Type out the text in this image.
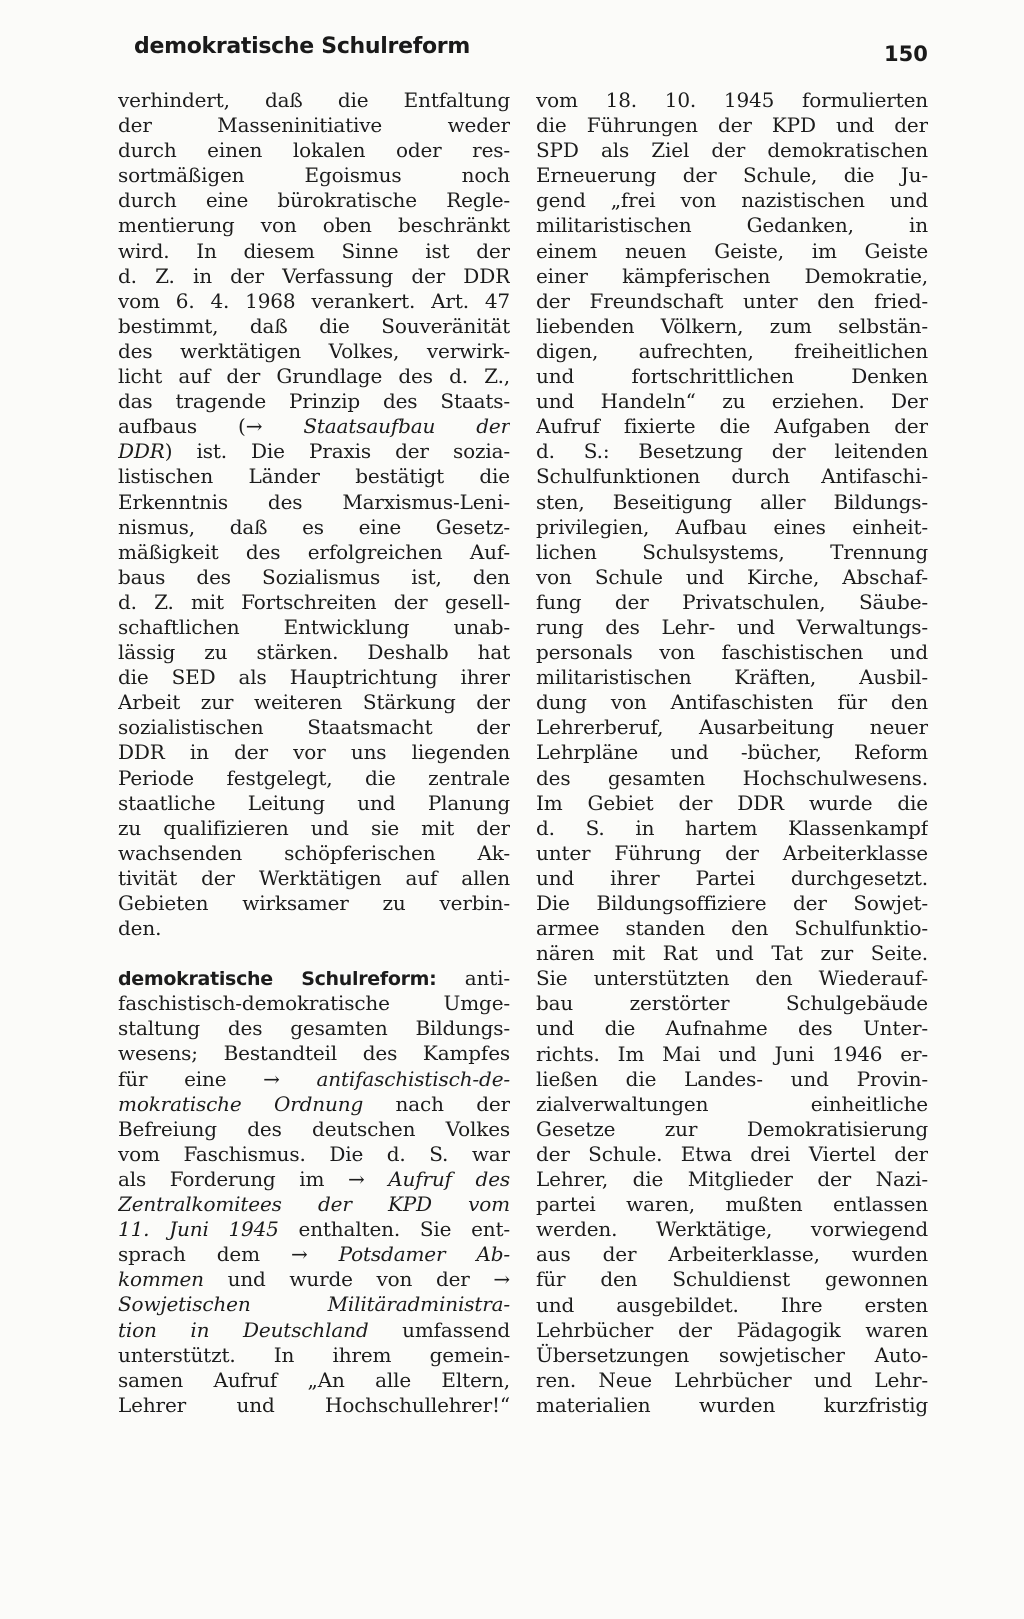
demokratische Schulreform	150
verhindert, daß die Entfaltung
der Masseninitiative weder
durch einen lokalen oder res-
sortmäßigen Egoismus noch
durch eine bürokratische Regle-
mentierung von oben beschränkt
wird. In diesem Sinne ist der
d. Z. in der Verfassung der DDR
vom 6. 4. 1968 verankert. Art. 47
bestimmt, daß die Souveränität
des werktätigen Volkes, verwirk-
licht auf der Grundlage des d. Z.,
das tragende Prinzip des Staats-
aufbaus (→ Staatsaufbau der
DDR) ist. Die Praxis der sozia-
listischen Länder bestätigt die
Erkenntnis des Marxismus-Leni-
nismus, daß es eine Gesetz-
mäßigkeit des erfolgreichen Auf-
baus des Sozialismus ist, den
d. Z. mit Fortschreiten der gesell-
schaftlichen Entwicklung unab-
lässig zu stärken. Deshalb hat
die SED als Hauptrichtung ihrer
Arbeit zur weiteren Stärkung der
sozialistischen Staatsmacht der
DDR in der vor uns liegenden
Periode festgelegt, die zentrale
staatliche Leitung und Planung
zu qualifizieren und sie mit der
wachsenden schöpferischen Ak-
tivität der Werktätigen auf allen
Gebieten wirksamer zu verbin-
den.
demokratische Schulreform: anti-
faschistisch-demokratische Umge-
staltung des gesamten Bildungs-
wesens; Bestandteil des Kampfes
für eine → antifaschistisch-de-
mokratische Ordnung nach der
Befreiung des deutschen Volkes
vom Faschismus. Die d. S. war
als Forderung im → Aufruf des
Zentralkomitees der KPD vom
11. Juni 1945 enthalten. Sie ent-
sprach dem → Potsdamer Ab-
kommen und wurde von der →
Sowjetischen Militäradministra-
tion in Deutschland umfassend
unterstützt. In ihrem gemein-
samen Aufruf „An alle Eltern,
Lehrer und Hochschullehrer!“
vom 18. 10. 1945 formulierten
die Führungen der KPD und der
SPD als Ziel der demokratischen
Erneuerung der Schule, die Ju-
gend „frei von nazistischen und
militaristischen Gedanken, in
einem neuen Geiste, im Geiste
einer kämpferischen Demokratie,
der Freundschaft unter den fried-
liebenden Völkern, zum selbstän-
digen, aufrechten, freiheitlichen
und fortschrittlichen Denken
und Handeln“ zu erziehen. Der
Aufruf fixierte die Aufgaben der
d. S.: Besetzung der leitenden
Schulfunktionen durch Antifaschi-
sten, Beseitigung aller Bildungs-
privilegien, Aufbau eines einheit-
lichen Schulsystems, Trennung
von Schule und Kirche, Abschaf-
fung der Privatschulen, Säube-
rung des Lehr- und Verwaltungs-
personals von faschistischen und
militaristischen Kräften, Ausbil-
dung von Antifaschisten für den
Lehrerberuf, Ausarbeitung neuer
Lehrpläne und -bücher, Reform
des gesamten Hochschulwesens.
Im Gebiet der DDR wurde die
d. S. in hartem Klassenkampf
unter Führung der Arbeiterklasse
und ihrer Partei durchgesetzt.
Die Bildungsoffiziere der Sowjet-
armee standen den Schulfunktio-
nären mit Rat und Tat zur Seite.
Sie unterstützten den Wiederauf-
bau zerstörter Schulgebäude
und die Aufnahme des Unter-
richts. Im Mai und Juni 1946 er-
ließen die Landes- und Provin-
zialverwaltungen einheitliche
Gesetze zur Demokratisierung
der Schule. Etwa drei Viertel der
Lehrer, die Mitglieder der Nazi-
partei waren, mußten entlassen
werden. Werktätige, vorwiegend
aus der Arbeiterklasse, wurden
für den Schuldienst gewonnen
und ausgebildet. Ihre ersten
Lehrbücher der Pädagogik waren
Übersetzungen sowjetischer Auto-
ren. Neue Lehrbücher und Lehr-
materialien wurden kurzfristig
